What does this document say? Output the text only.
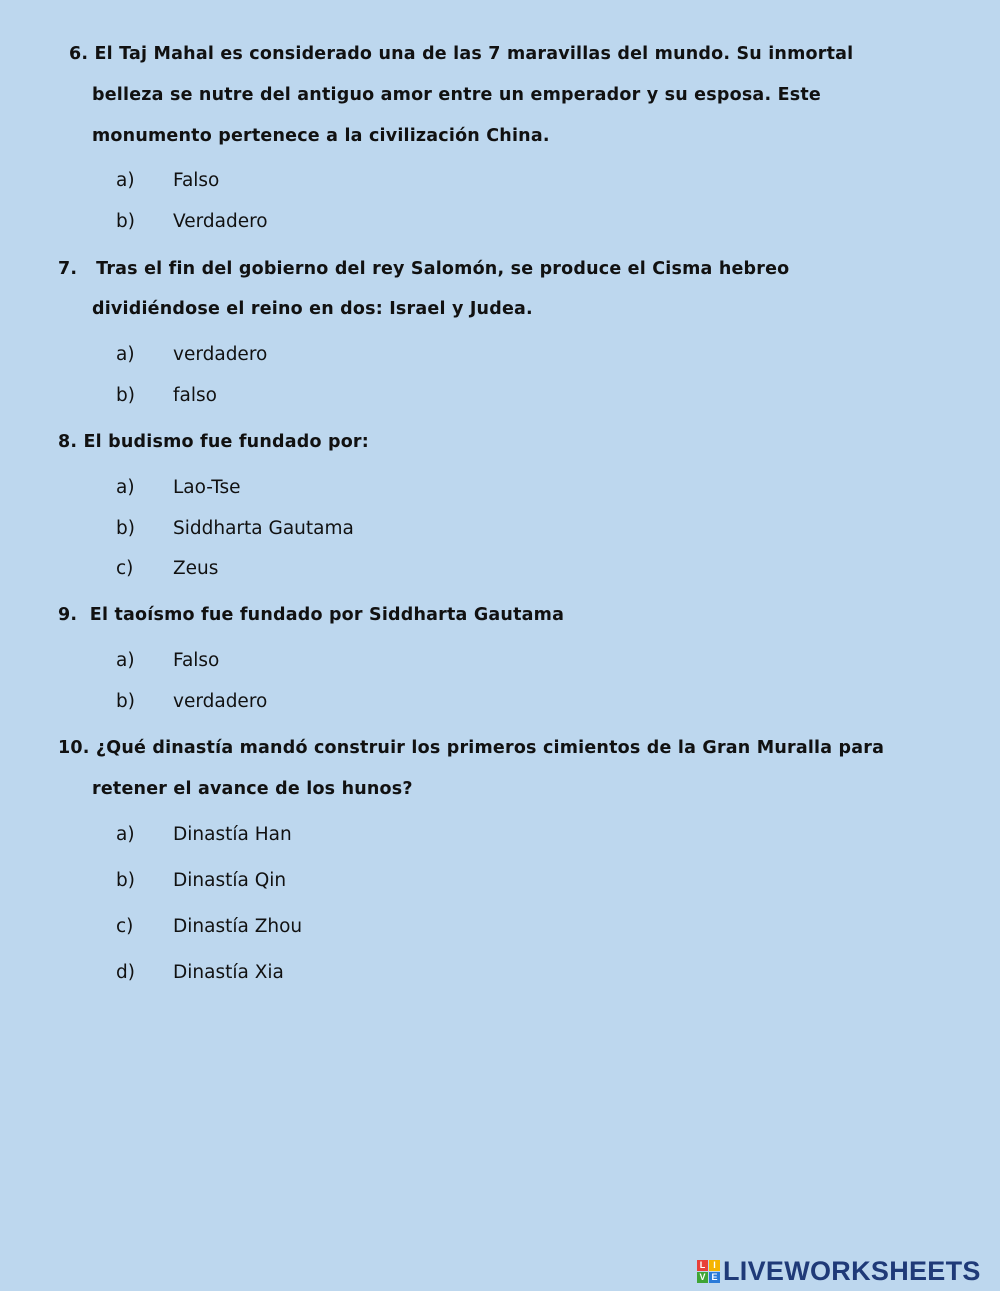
6. El Taj Mahal es considerado una de las 7 maravillas del mundo. Su inmortal
belleza se nutre del antiguo amor entre un emperador y su esposa. Este
monumento pertenece a la civilización China.
a) Falso
b) Verdadero
7.   Tras el fin del gobierno del rey Salomón, se produce el Cisma hebreo
dividiéndose el reino en dos: Israel y Judea.
a) verdadero
b) falso
8. El budismo fue fundado por:
a) Lao-Tse
b) Siddharta Gautama
c) Zeus
9.  El taoísmo fue fundado por Siddharta Gautama
a) Falso
b) verdadero
10. ¿Qué dinastía mandó construir los primeros cimientos de la Gran Muralla para
retener el avance de los hunos?
a) Dinastía Han
b) Dinastía Qin
c) Dinastía Zhou
d) Dinastía Xia
L I
V E LIVEWORKSHEETS
